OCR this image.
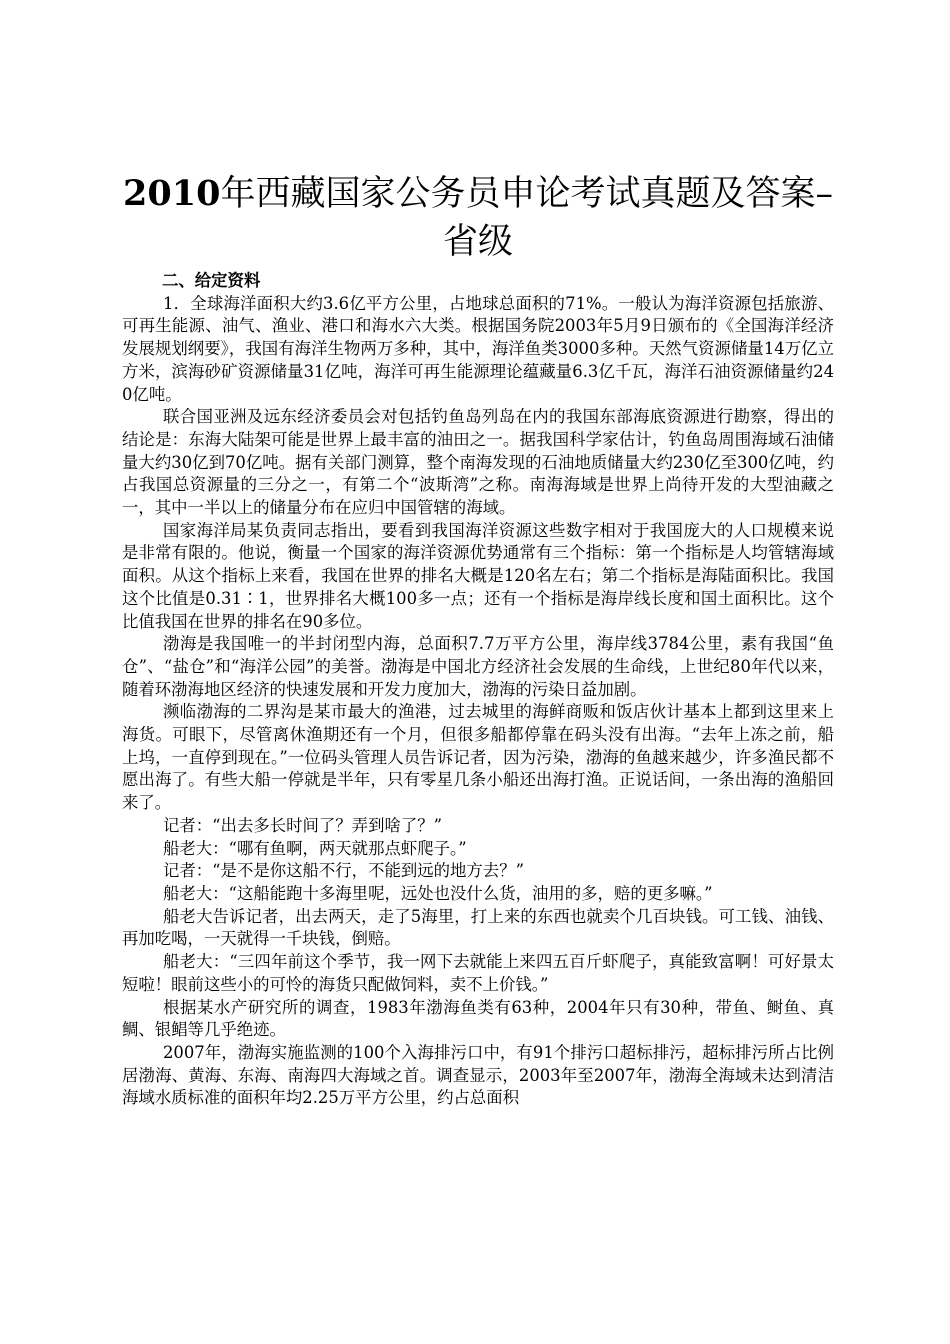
2010年西藏国家公务员申论考试真题及答案–省级
二、给定资料

1．全球海洋面积大约3.6亿平方公里，占地球总面积的71%。一般认为海洋资源包括旅游、可再生能源、油气、渔业、港口和海水六大类。根据国务院2003年5月9日颁布的《全国海洋经济发展规划纲要》，我国有海洋生物两万多种，其中，海洋鱼类3000多种。天然气资源储量14万亿立方米，滨海砂矿资源储量31亿吨，海洋可再生能源理论蕴藏量6.3亿千瓦，海洋石油资源储量约240亿吨。

联合国亚洲及远东经济委员会对包括钓鱼岛列岛在内的我国东部海底资源进行勘察，得出的结论是：东海大陆架可能是世界上最丰富的油田之一。据我国科学家估计，钓鱼岛周围海域石油储量大约30亿到70亿吨。据有关部门测算，整个南海发现的石油地质储量大约230亿至300亿吨，约占我国总资源量的三分之一，有第二个“波斯湾”之称。南海海域是世界上尚待开发的大型油藏之一，其中一半以上的储量分布在应归中国管辖的海域。

国家海洋局某负责同志指出，要看到我国海洋资源这些数字相对于我国庞大的人口规模来说是非常有限的。他说，衡量一个国家的海洋资源优势通常有三个指标：第一个指标是人均管辖海域面积。从这个指标上来看，我国在世界的排名大概是120名左右；第二个指标是海陆面积比。我国这个比值是0.31∶1，世界排名大概100多一点；还有一个指标是海岸线长度和国土面积比。这个比值我国在世界的排名在90多位。

渤海是我国唯一的半封闭型内海，总面积7.7万平方公里，海岸线3784公里，素有我国“鱼仓”、“盐仓”和“海洋公园”的美誉。渤海是中国北方经济社会发展的生命线，上世纪80年代以来，随着环渤海地区经济的快速发展和开发力度加大，渤海的污染日益加剧。

濒临渤海的二界沟是某市最大的渔港，过去城里的海鲜商贩和饭店伙计基本上都到这里来上海货。可眼下，尽管离休渔期还有一个月，但很多船都停靠在码头没有出海。“去年上冻之前，船上坞，一直停到现在。”一位码头管理人员告诉记者，因为污染，渤海的鱼越来越少，许多渔民都不愿出海了。有些大船一停就是半年，只有零星几条小船还出海打渔。正说话间，一条出海的渔船回来了。

记者：“出去多长时间了？弄到啥了？”

船老大：“哪有鱼啊，两天就那点虾爬子。”

记者：“是不是你这船不行，不能到远的地方去？”

船老大：“这船能跑十多海里呢，远处也没什么货，油用的多，赔的更多嘛。”

船老大告诉记者，出去两天，走了5海里，打上来的东西也就卖个几百块钱。可工钱、油钱、再加吃喝，一天就得一千块钱，倒赔。

船老大：“三四年前这个季节，我一网下去就能上来四五百斤虾爬子，真能致富啊！可好景太短啦！眼前这些小的可怜的海货只配做饲料，卖不上价钱。”

根据某水产研究所的调查，1983年渤海鱼类有63种，2004年只有30种，带鱼、鲥鱼、真鲷、银鲳等几乎绝迹。

2007年，渤海实施监测的100个入海排污口中，有91个排污口超标排污，超标排污所占比例居渤海、黄海、东海、南海四大海域之首。调查显示，2003年至2007年，渤海全海域未达到清洁海域水质标准的面积年均2.25万平方公里，约占总面积
